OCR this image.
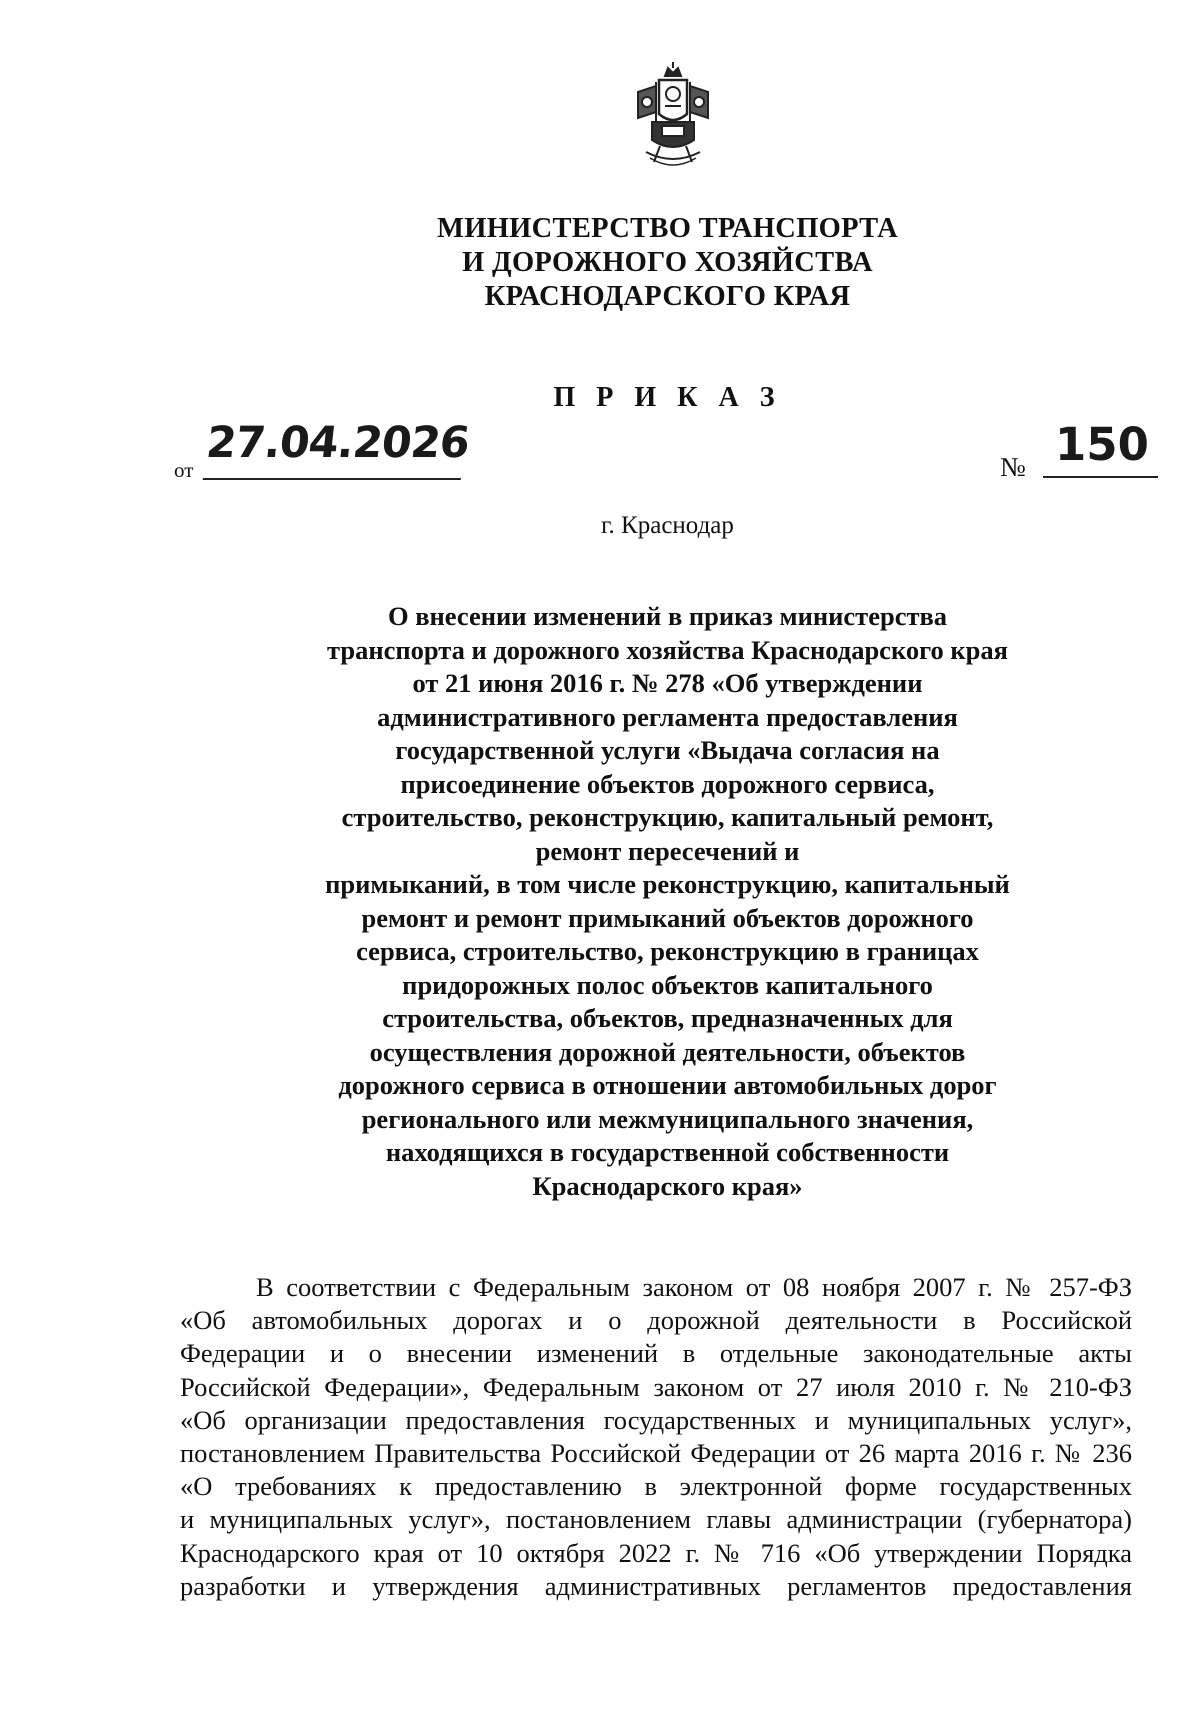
МИНИСТЕРСТВО ТРАНСПОРТА
И ДОРОЖНОГО ХОЗЯЙСТВА
КРАСНОДАРСКОГО КРАЯ
П Р И К А З
от
27.04.2026	№ 150
г. Краснодар
О внесении изменений в приказ министерства
транспорта и дорожного хозяйства Краснодарского края
от 21 июня 2016 г. № 278 «Об утверждении
административного регламента предоставления
государственной услуги «Выдача согласия на
присоединение объектов дорожного сервиса,
строительство, реконструкцию, капитальный ремонт,
ремонт пересечений и
примыканий, в том числе реконструкцию, капитальный
ремонт и ремонт примыканий объектов дорожного
сервиса, строительство, реконструкцию в границах
придорожных полос объектов капитального
строительства, объектов, предназначенных для
осуществления дорожной деятельности, объектов
дорожного сервиса в отношении автомобильных дорог
регионального или межмуниципального значения,
находящихся в государственной собственности
Краснодарского края»
В соответствии с Федеральным законом от 08 ноября 2007 г. № 257-ФЗ
«Об автомобильных дорогах и о дорожной деятельности в Российской
Федерации и о внесении изменений в отдельные законодательные акты
Российской Федерации», Федеральным законом от 27 июля 2010 г. № 210-ФЗ
«Об организации предоставления государственных и муниципальных услуг»,
постановлением Правительства Российской Федерации от 26 марта 2016 г. № 236
«О требованиях к предоставлению в электронной форме государственных
и муниципальных услуг», постановлением главы администрации (губернатора)
Краснодарского края от 10 октября 2022 г. № 716 «Об утверждении Порядка
разработки и утверждения административных регламентов предоставления
